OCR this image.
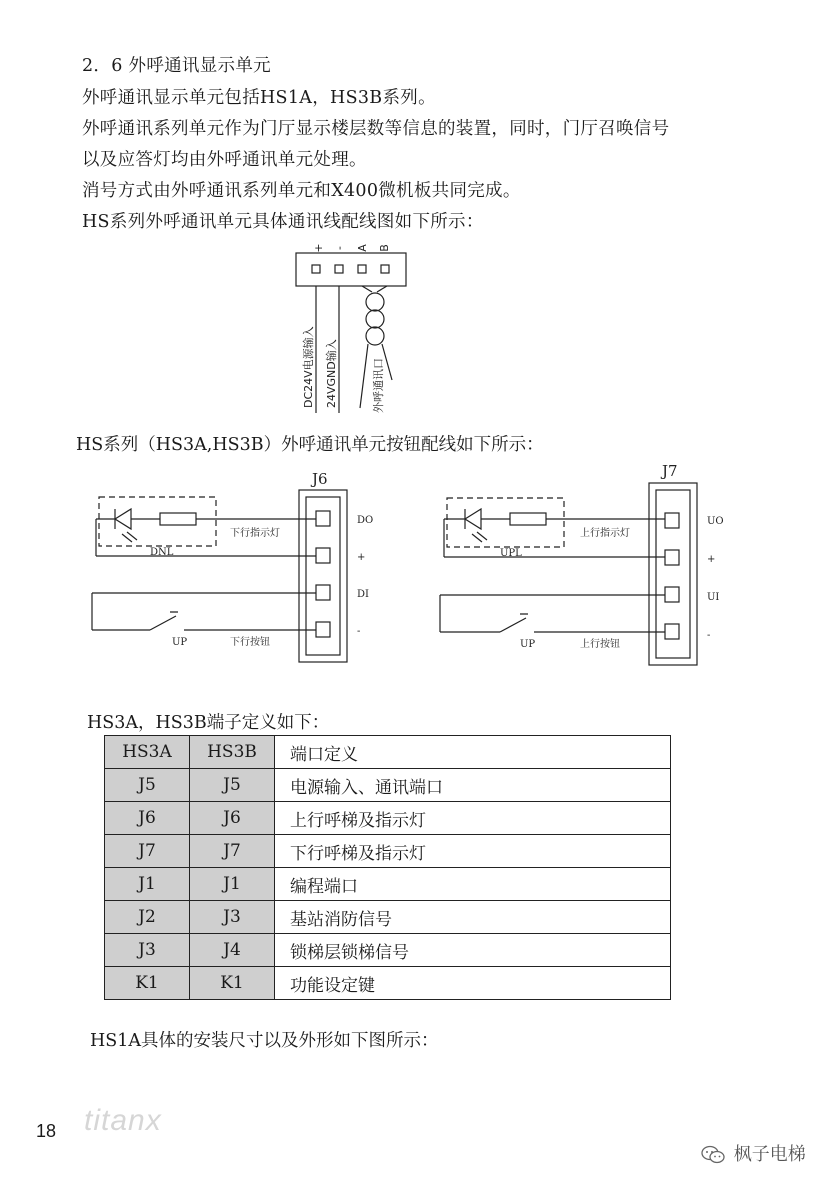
2．6 外呼通讯显示单元
外呼通讯显示单元包括HS1A，HS3B系列。
外呼通讯系列单元作为门厅显示楼层数等信息的装置，同时，门厅召唤信号
以及应答灯均由外呼通讯单元处理。
消号方式由外呼通讯系列单元和X400微机板共同完成。
HS系列外呼通讯单元具体通讯线配线图如下所示：
+ - A B
DC24V电源输入 24VGND输入	外呼通讯口
HS系列（HS3A,HS3B）外呼通讯单元按钮配线如下所示：
J6
下行指示灯
DNL
UP	下行按钮
DO
+
DI
-
J7
上行指示灯
UPL
UP	上行按钮
UO
+
UI
-
HS3A，HS3B端子定义如下：
HS3A	HS3B	端口定义
J5	J5	电源输入、通讯端口
J6	J6	上行呼梯及指示灯
J7	J7	下行呼梯及指示灯
J1	J1	编程端口
J2	J3	基站消防信号
J3	J4	锁梯层锁梯信号
K1	K1	功能设定键
HS1A具体的安装尺寸以及外形如下图所示：
18 titanx
枫子电梯
